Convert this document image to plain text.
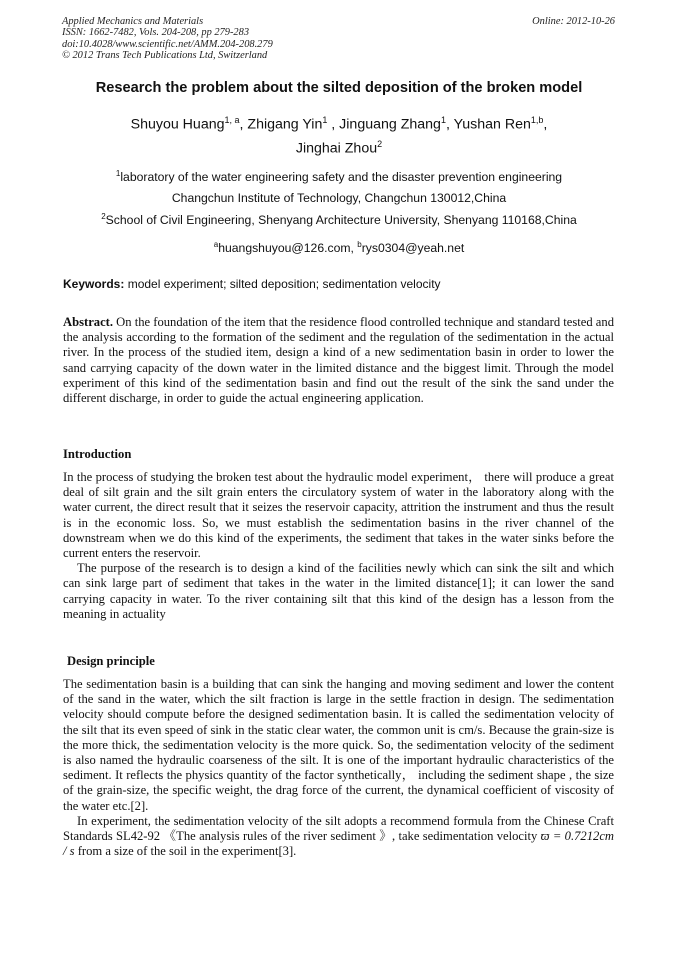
Applied Mechanics and Materials
ISSN: 1662-7482, Vols. 204-208, pp 279-283
doi:10.4028/www.scientific.net/AMM.204-208.279
© 2012 Trans Tech Publications Ltd, Switzerland
Online: 2012-10-26
Research the problem about the silted deposition of the broken model
Shuyou Huang$^{1, a}$, Zhigang Yin$^1$ , Jinguang Zhang$^1$, Yushan Ren$^{1,b}$,
Jinghai Zhou$^2$
$^1$laboratory of the water engineering safety and the disaster prevention engineering
Changchun Institute of Technology, Changchun 130012,China
$^2$School of Civil Engineering, Shenyang Architecture University, Shenyang 110168,China
$^a$huangshuyou@126.com, $^b$rys0304@yeah.net
Keywords: model experiment; silted deposition; sedimentation velocity

Abstract. On the foundation of the item that the residence flood controlled technique and standard tested and the analysis according to the formation of the sediment and the regulation of the sedimentation in the actual river. In the process of the studied item, design a kind of a new sedimentation basin in order to lower the sand carrying capacity of the down water in the limited distance and the biggest limit. Through the model experiment of this kind of the sedimentation basin and find out the result of the sink the sand under the different discharge, in order to guide the actual engineering application.

Introduction

In the process of studying the broken test about the hydraulic model experiment， there will produce a great deal of silt grain and the silt grain enters the circulatory system of water in the laboratory along with the water current, the direct result that it seizes the reservoir capacity, attrition the instrument and thus the result is in the economic loss. So, we must establish the sedimentation basins in the river channel of the downstream when we do this kind of the experiments, the sediment that takes in the water sinks before the current enters the reservoir.

The purpose of the research is to design a kind of the facilities newly which can sink the silt and which can sink large part of sediment that takes in the water in the limited distance[1]; it can lower the sand carrying capacity in water. To the river containing silt that this kind of the design has a lesson from the meaning in actuality

Design principle

The sedimentation basin is a building that can sink the hanging and moving sediment and lower the content of the sand in the water, which the silt fraction is large in the settle fraction in design. The sedimentation velocity should compute before the designed sedimentation basin. It is called the sedimentation velocity of the silt that its even speed of sink in the static clear water, the common unit is cm/s. Because the grain-size is the more thick, the sedimentation velocity is the more quick. So, the sedimentation velocity of the sediment is also named the hydraulic coarseness of the silt. It is one of the important hydraulic characteristics of the sediment. It reflects the physics quantity of the factor synthetically， including the sediment shape , the size of the grain-size, the specific weight, the drag force of the current, the dynamical coefficient of viscosity of the water etc.[2].

In experiment, the sedimentation velocity of the silt adopts a recommend formula from the Chinese Craft Standards SL42-92 《The analysis rules of the river sediment 》, take sedimentation velocity ϖ = 0.7212cm / s from a size of the soil in the experiment[3].
